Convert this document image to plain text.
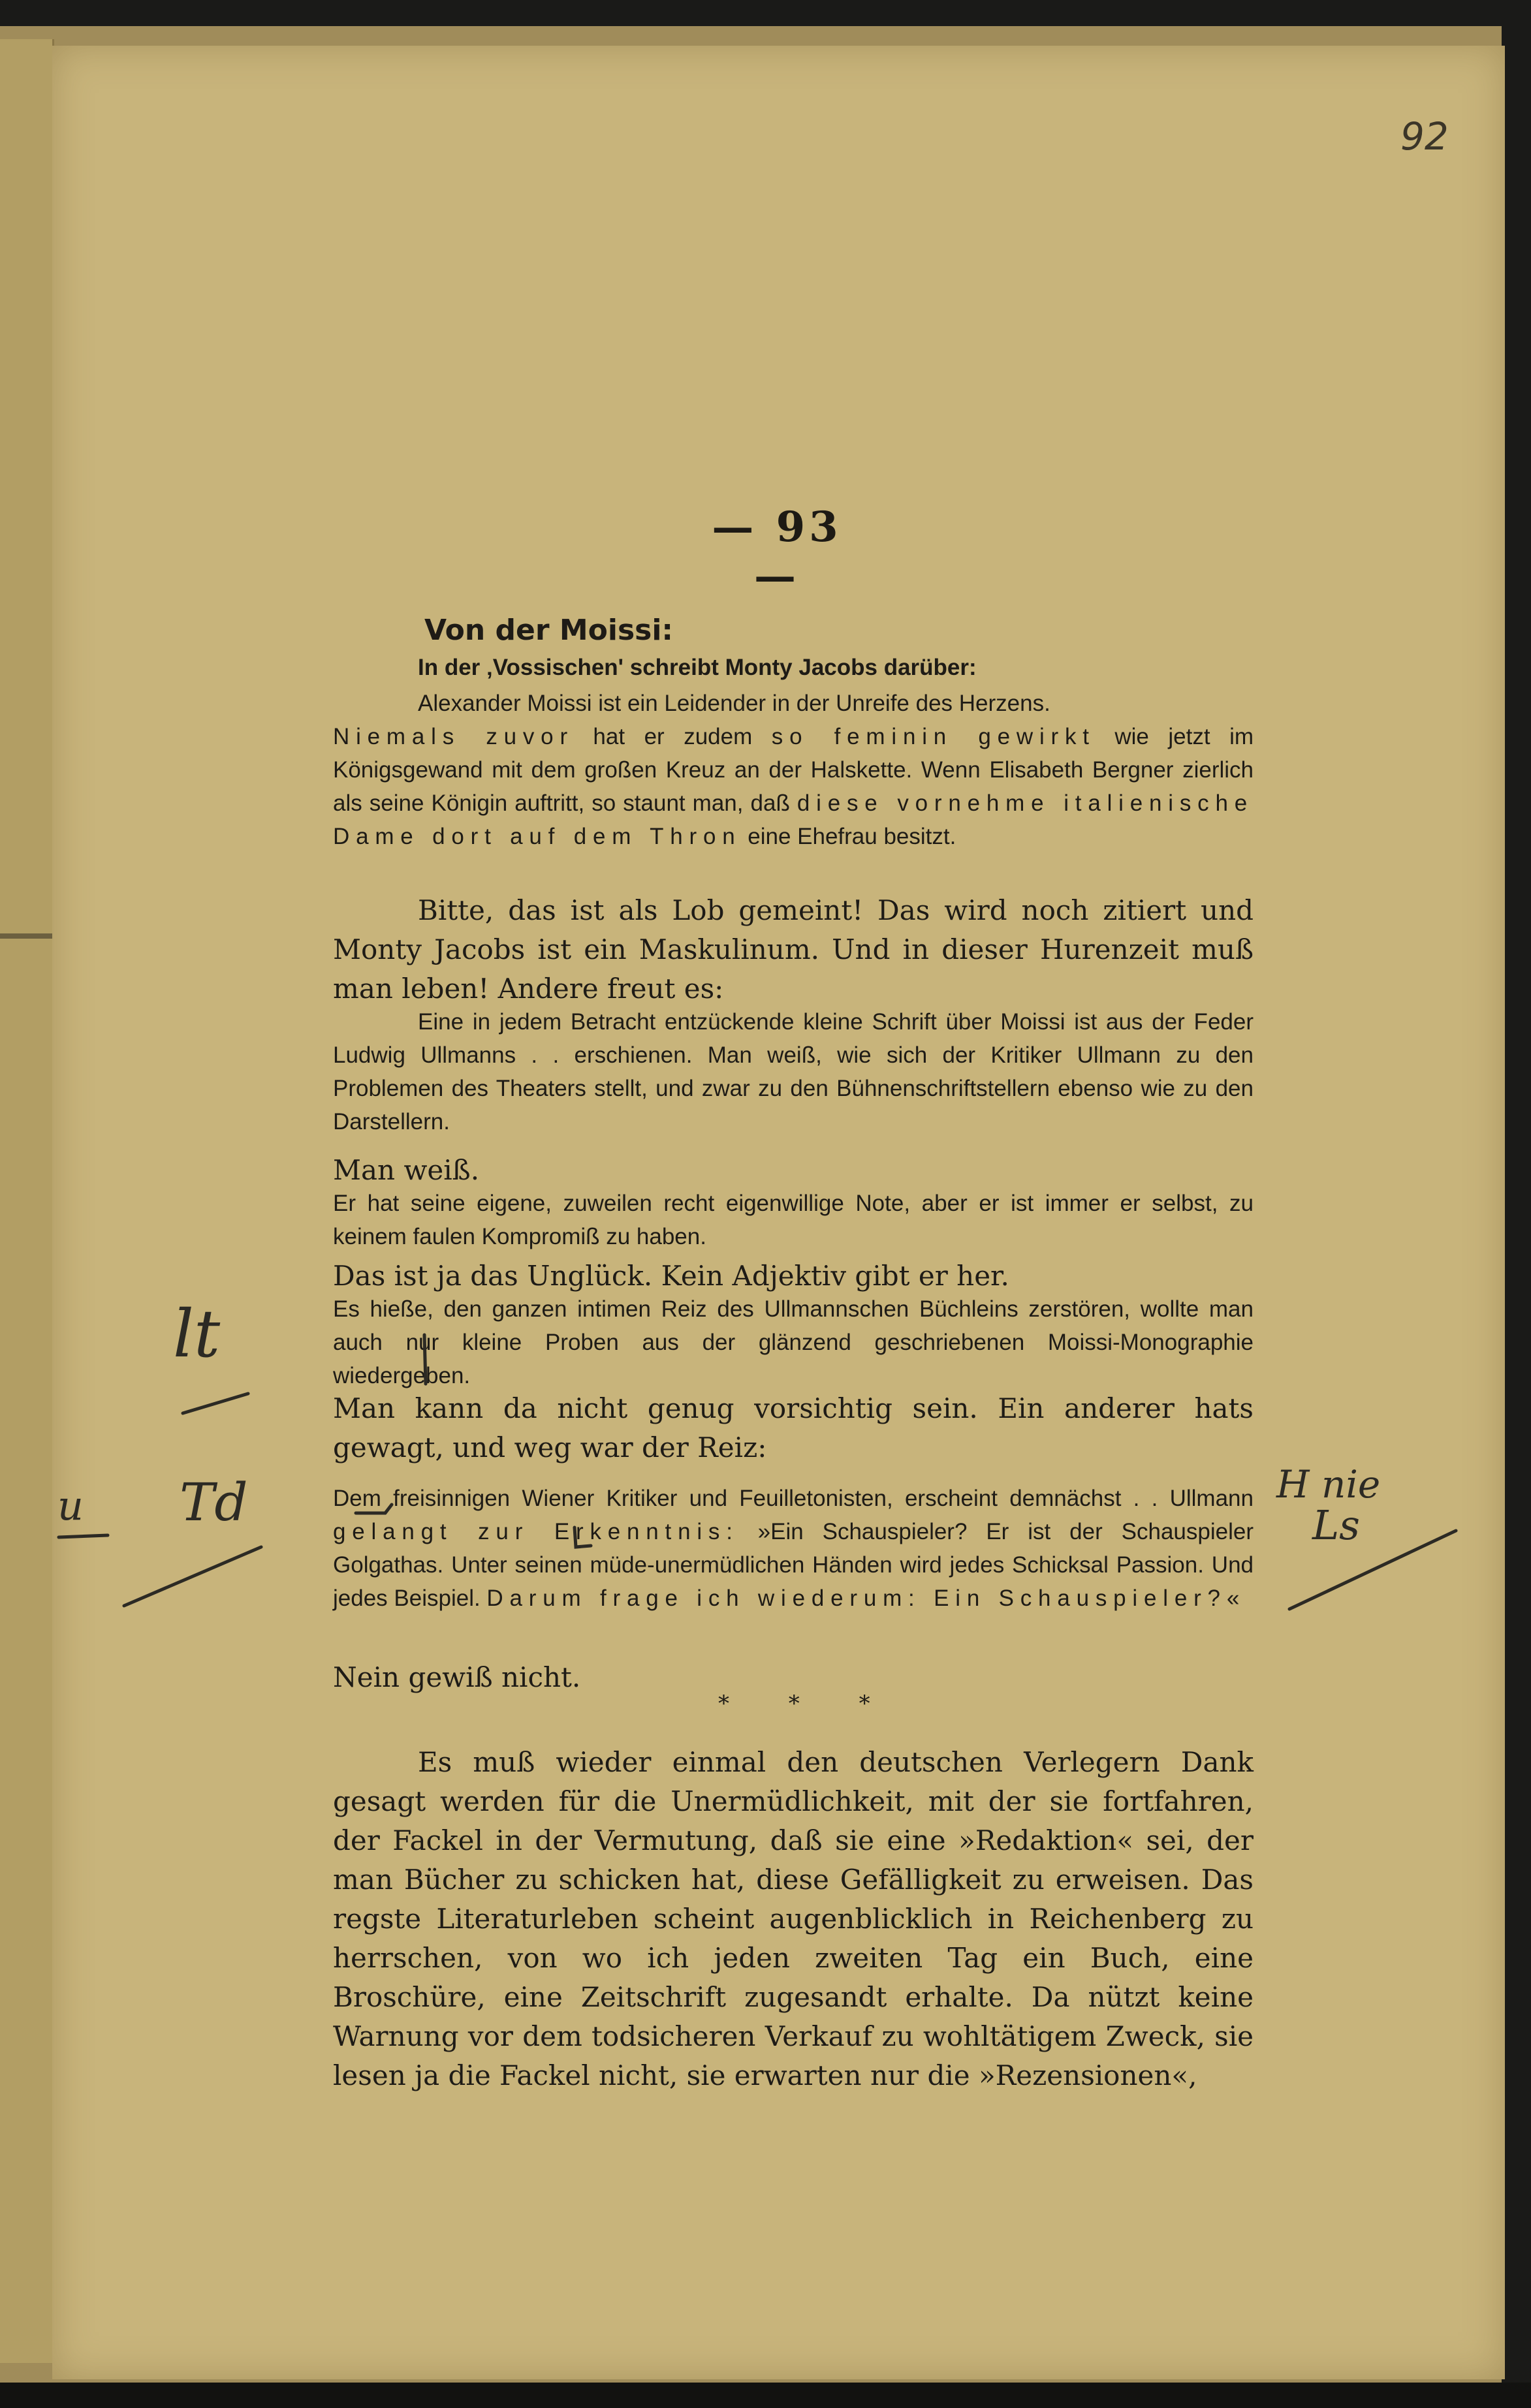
92
— 93 —
Von der Moissi:
In der ‚Vossischen' schreibt Monty Jacobs darüber:
Alexander Moissi ist ein Leidender in der Unreife des Herzens.
Niemals zuvor hat er zudem so feminin gewirkt wie jetzt im Königsgewand mit dem großen Kreuz an der Halskette. Wenn Elisabeth Bergner zierlich als seine Königin auftritt, so staunt man, daß diese vornehme italienische Dame dort auf dem Thron eine Ehefrau besitzt.
Bitte, das ist als Lob gemeint! Das wird noch zitiert und Monty Jacobs ist ein Maskulinum. Und in dieser Hurenzeit muß man leben! Andere freut es:
Eine in jedem Betracht entzückende kleine Schrift über Moissi ist aus der Feder Ludwig Ullmanns . . erschienen. Man weiß, wie sich der Kritiker Ullmann zu den Problemen des Theaters stellt, und zwar zu den Bühnenschriftstellern ebenso wie zu den Darstellern.
Man weiß.
Er hat seine eigene, zuweilen recht eigenwillige Note, aber er ist immer er selbst, zu keinem faulen Kompromiß zu haben.
Das ist ja das Unglück. Kein Adjektiv gibt er her.
Es hieße, den ganzen intimen Reiz des Ullmannschen Büchleins zerstören, wollte man auch nur kleine Proben aus der glänzend geschriebenen Moissi-Monographie wiedergeben.
Man kann da nicht genug vorsichtig sein. Ein anderer hats gewagt, und weg war der Reiz:
Dem freisinnigen Wiener Kritiker und Feuilletonisten, erscheint demnächst . . Ullmann gelangt zur Erkenntnis: »Ein Schauspieler? Er ist der Schauspieler Golgathas. Unter seinen müde-unermüdlichen Händen wird jedes Schicksal Passion. Und jedes Beispiel. Darum frage ich wiederum: Ein Schauspieler?«
Nein gewiß nicht.
* * *
Es muß wieder einmal den deutschen Verlegern Dank gesagt werden für die Unermüdlichkeit, mit der sie fortfahren, der Fackel in der Vermutung, daß sie eine »Redaktion« sei, der man Bücher zu schicken hat, diese Gefälligkeit zu erweisen. Das regste Literaturleben scheint augenblicklich in Reichenberg zu herrschen, von wo ich jeden zweiten Tag ein Buch, eine Broschüre, eine Zeitschrift zugesandt erhalte. Da nützt keine Warnung vor dem todsicheren Verkauf zu wohltätigem Zweck, sie lesen ja die Fackel nicht, sie erwarten nur die »Rezensionen«,
lt
u Td	H nie
Ls
